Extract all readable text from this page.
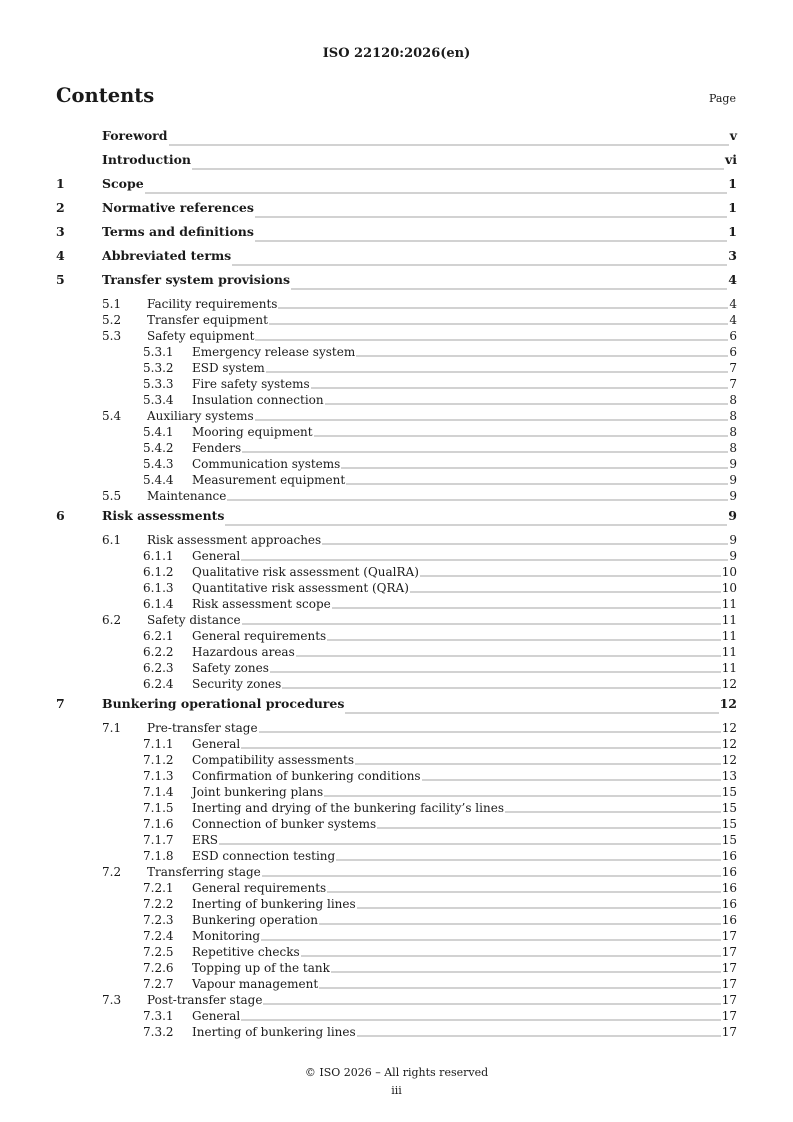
ISO 22120:2026(en)
Contents	Page
Foreword	v
Introduction	vi
1	Scope	1
2	Normative references	1
3	Terms and definitions	1
4	Abbreviated terms	3
5	Transfer system provisions	4
5.1	Facility requirements	4
5.2	Transfer equipment	4
5.3	Safety equipment	6
5.3.1	Emergency release system	6
5.3.2	ESD system	7
5.3.3	Fire safety systems	7
5.3.4	Insulation connection	8
5.4	Auxiliary systems	8
5.4.1	Mooring equipment	8
5.4.2	Fenders	8
5.4.3	Communication systems	9
5.4.4	Measurement equipment	9
5.5	Maintenance	9
6	Risk assessments	9
6.1	Risk assessment approaches	9
6.1.1	General	9
6.1.2	Qualitative risk assessment (QualRA)	10
6.1.3	Quantitative risk assessment (QRA)	10
6.1.4	Risk assessment scope	11
6.2	Safety distance	11
6.2.1	General requirements	11
6.2.2	Hazardous areas	11
6.2.3	Safety zones	11
6.2.4	Security zones	12
7	Bunkering operational procedures	12
7.1	Pre-transfer stage	12
7.1.1	General	12
7.1.2	Compatibility assessments	12
7.1.3	Confirmation of bunkering conditions	13
7.1.4	Joint bunkering plans	15
7.1.5	Inerting and drying of the bunkering facility’s lines	15
7.1.6	Connection of bunker systems	15
7.1.7	ERS	15
7.1.8	ESD connection testing	16
7.2	Transferring stage	16
7.2.1	General requirements	16
7.2.2	Inerting of bunkering lines	16
7.2.3	Bunkering operation	16
7.2.4	Monitoring	17
7.2.5	Repetitive checks	17
7.2.6	Topping up of the tank	17
7.2.7	Vapour management	17
7.3	Post-transfer stage	17
7.3.1	General	17
7.3.2	Inerting of bunkering lines	17
© ISO 2026 – All rights reserved
iii
